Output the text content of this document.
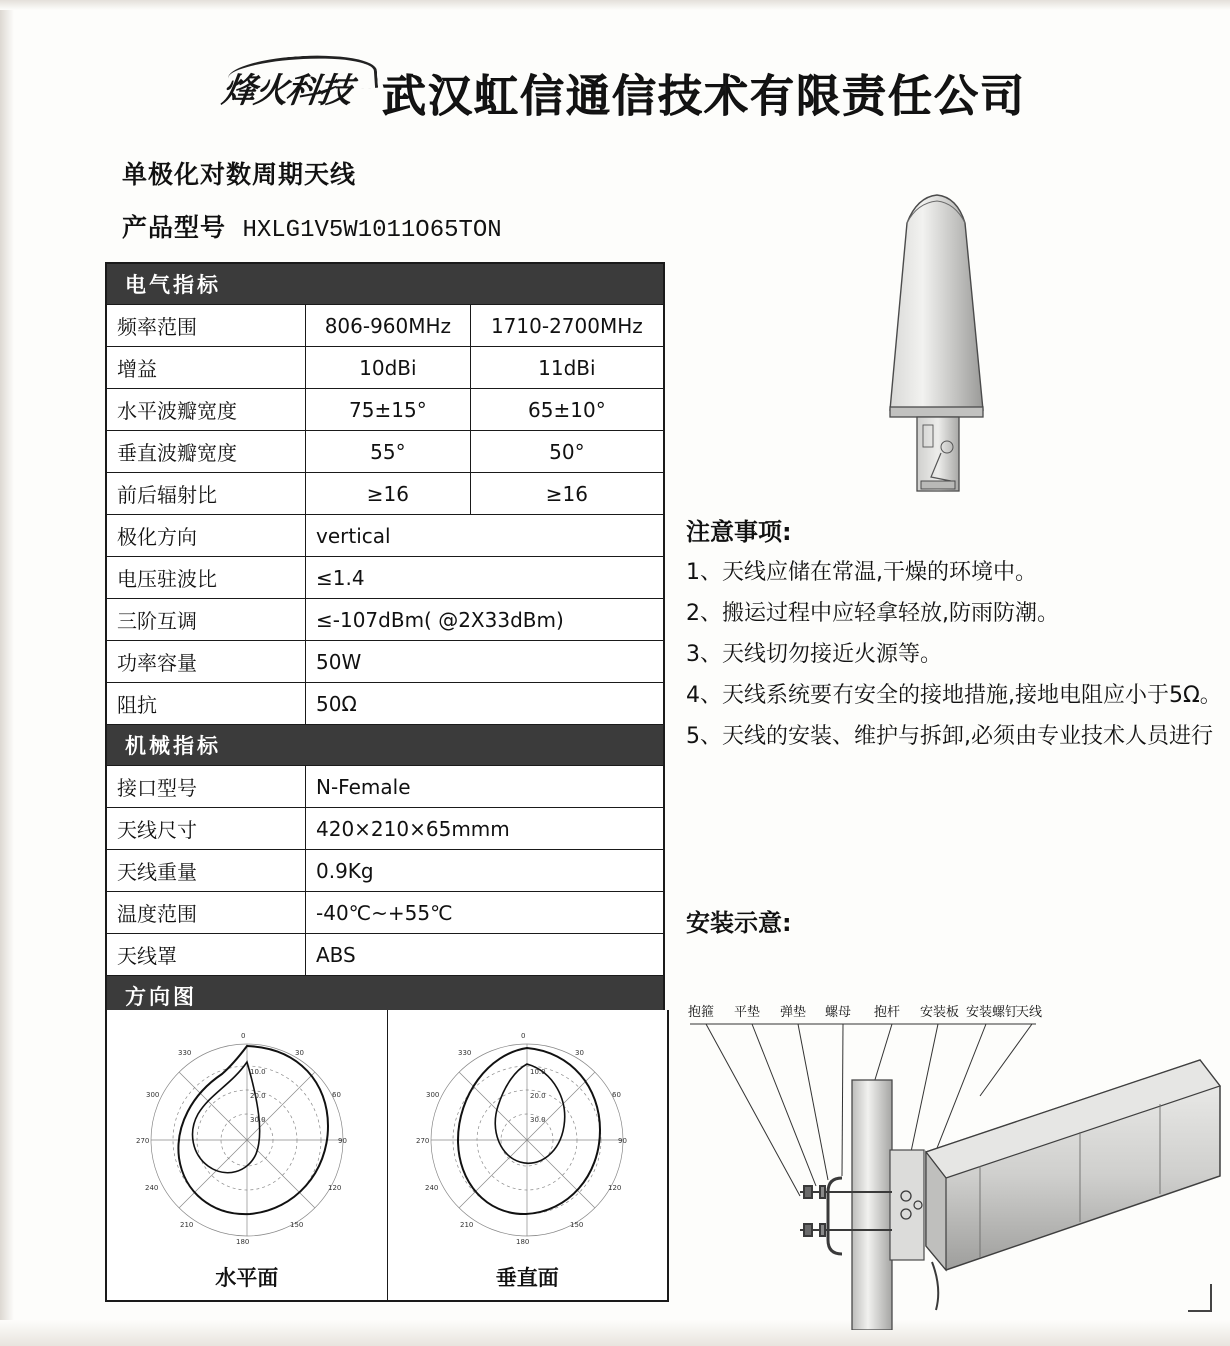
烽火科技 武汉虹信通信技术有限责任公司
单极化对数周期天线
产品型号 HXLG1V5W1011O65TON
电气指标		
频率范围	806-960MHz	1710-2700MHz
增益	10dBi	11dBi
水平波瓣宽度	75±15°	65±10°
垂直波瓣宽度	55°	50°
前后辐射比	≥16	≥16
极化方向	vertical	
电压驻波比	≤1.4	
三阶互调	≤-107dBm( @2X33dBm)	
功率容量	50W	
阻抗	50Ω	
机械指标		
接口型号	N-Female	
天线尺寸	420×210×65mmm	
天线重量	0.9Kg	
温度范围	-40℃~+55℃	
天线罩	ABS	
方向图		
0
30
60
90
120
150
180
210
240
270
300
330
10.0
20.0
30.0
水平面
0
30
60
90
120
150
180
210
240
270
300
330
10.0
20.0
30.0
垂直面
注意事项:
1、天线应储在常温,干燥的环境中。
2、搬运过程中应轻拿轻放,防雨防潮。
3、天线切勿接近火源等。
4、天线系统要冇安全的接地措施,接地电阻应小于5Ω。
5、天线的安装、维护与拆卸,必须由专业技术人员进行
安装示意:
抱箍 平垫 弹垫 螺母 抱杆 安装板 安装螺钉
天线
